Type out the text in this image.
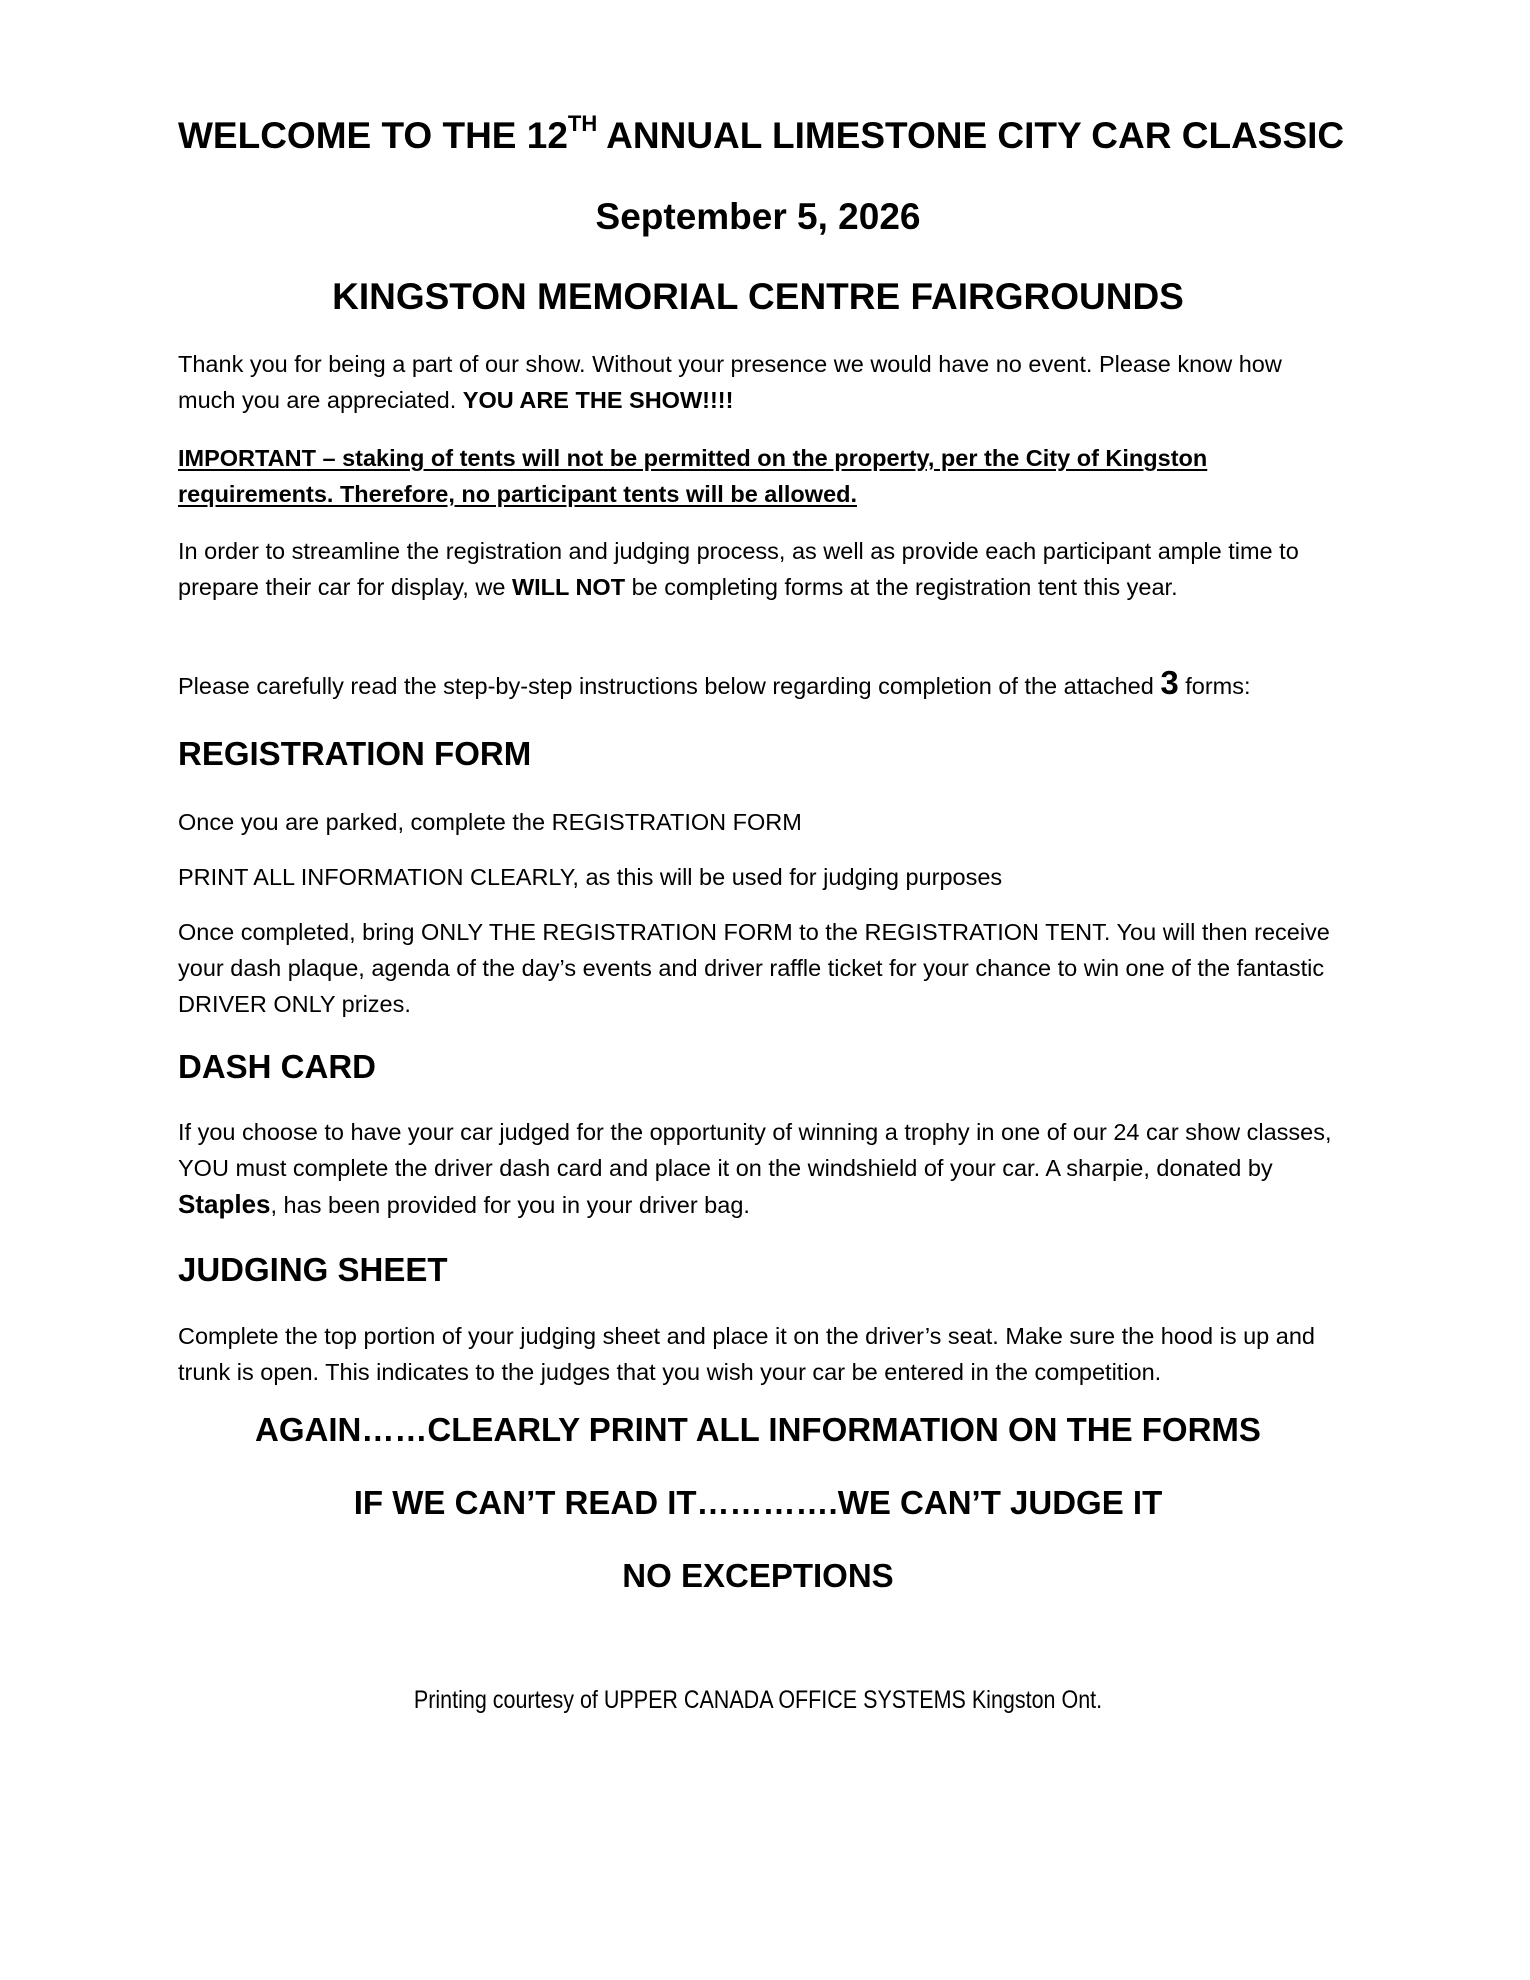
WELCOME TO THE 12TH ANNUAL LIMESTONE CITY CAR CLASSIC
September 5, 2026
KINGSTON MEMORIAL CENTRE FAIRGROUNDS
Thank you for being a part of our show. Without your presence we would have no event. Please know how much you are appreciated. YOU ARE THE SHOW!!!!
IMPORTANT – staking of tents will not be permitted on the property, per the City of Kingston requirements. Therefore, no participant tents will be allowed.
In order to streamline the registration and judging process, as well as provide each participant ample time to prepare their car for display, we WILL NOT be completing forms at the registration tent this year.
Please carefully read the step-by-step instructions below regarding completion of the attached 3 forms:
REGISTRATION FORM
Once you are parked, complete the REGISTRATION FORM
PRINT ALL INFORMATION CLEARLY, as this will be used for judging purposes
Once completed, bring ONLY THE REGISTRATION FORM to the REGISTRATION TENT. You will then receive your dash plaque, agenda of the day’s events and driver raffle ticket for your chance to win one of the fantastic DRIVER ONLY prizes.
DASH CARD
If you choose to have your car judged for the opportunity of winning a trophy in one of our 24 car show classes, YOU must complete the driver dash card and place it on the windshield of your car. A sharpie, donated by Staples, has been provided for you in your driver bag.
JUDGING SHEET
Complete the top portion of your judging sheet and place it on the driver’s seat. Make sure the hood is up and trunk is open. This indicates to the judges that you wish your car be entered in the competition.
AGAIN……CLEARLY PRINT ALL INFORMATION ON THE FORMS
IF WE CAN’T READ IT………….WE CAN’T JUDGE IT
NO EXCEPTIONS
Printing courtesy of UPPER CANADA OFFICE SYSTEMS Kingston Ont.
